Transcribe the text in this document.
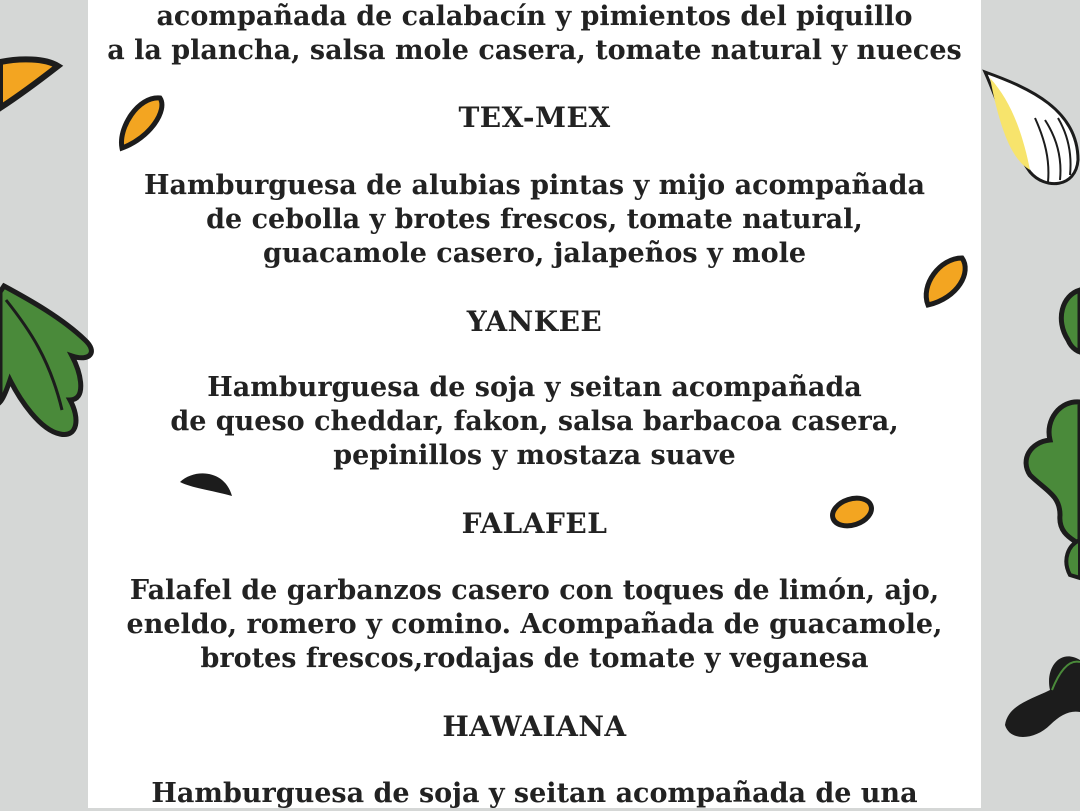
acompañada de calabacín y pimientos del piquillo

a la plancha, salsa mole casera, tomate natural y nueces

TEX-MEX

Hamburguesa de alubias pintas y mijo acompañada

de cebolla y brotes frescos, tomate natural,

guacamole casero, jalapeños y mole

YANKEE

Hamburguesa de soja y seitan acompañada

de queso cheddar, fakon, salsa barbacoa casera,

pepinillos y mostaza suave

FALAFEL

Falafel de garbanzos casero con toques de limón, ajo,

eneldo, romero y comino. Acompañada de guacamole,

brotes frescos,rodajas de tomate y veganesa

HAWAIANA

Hamburguesa de soja y seitan acompañada de una
